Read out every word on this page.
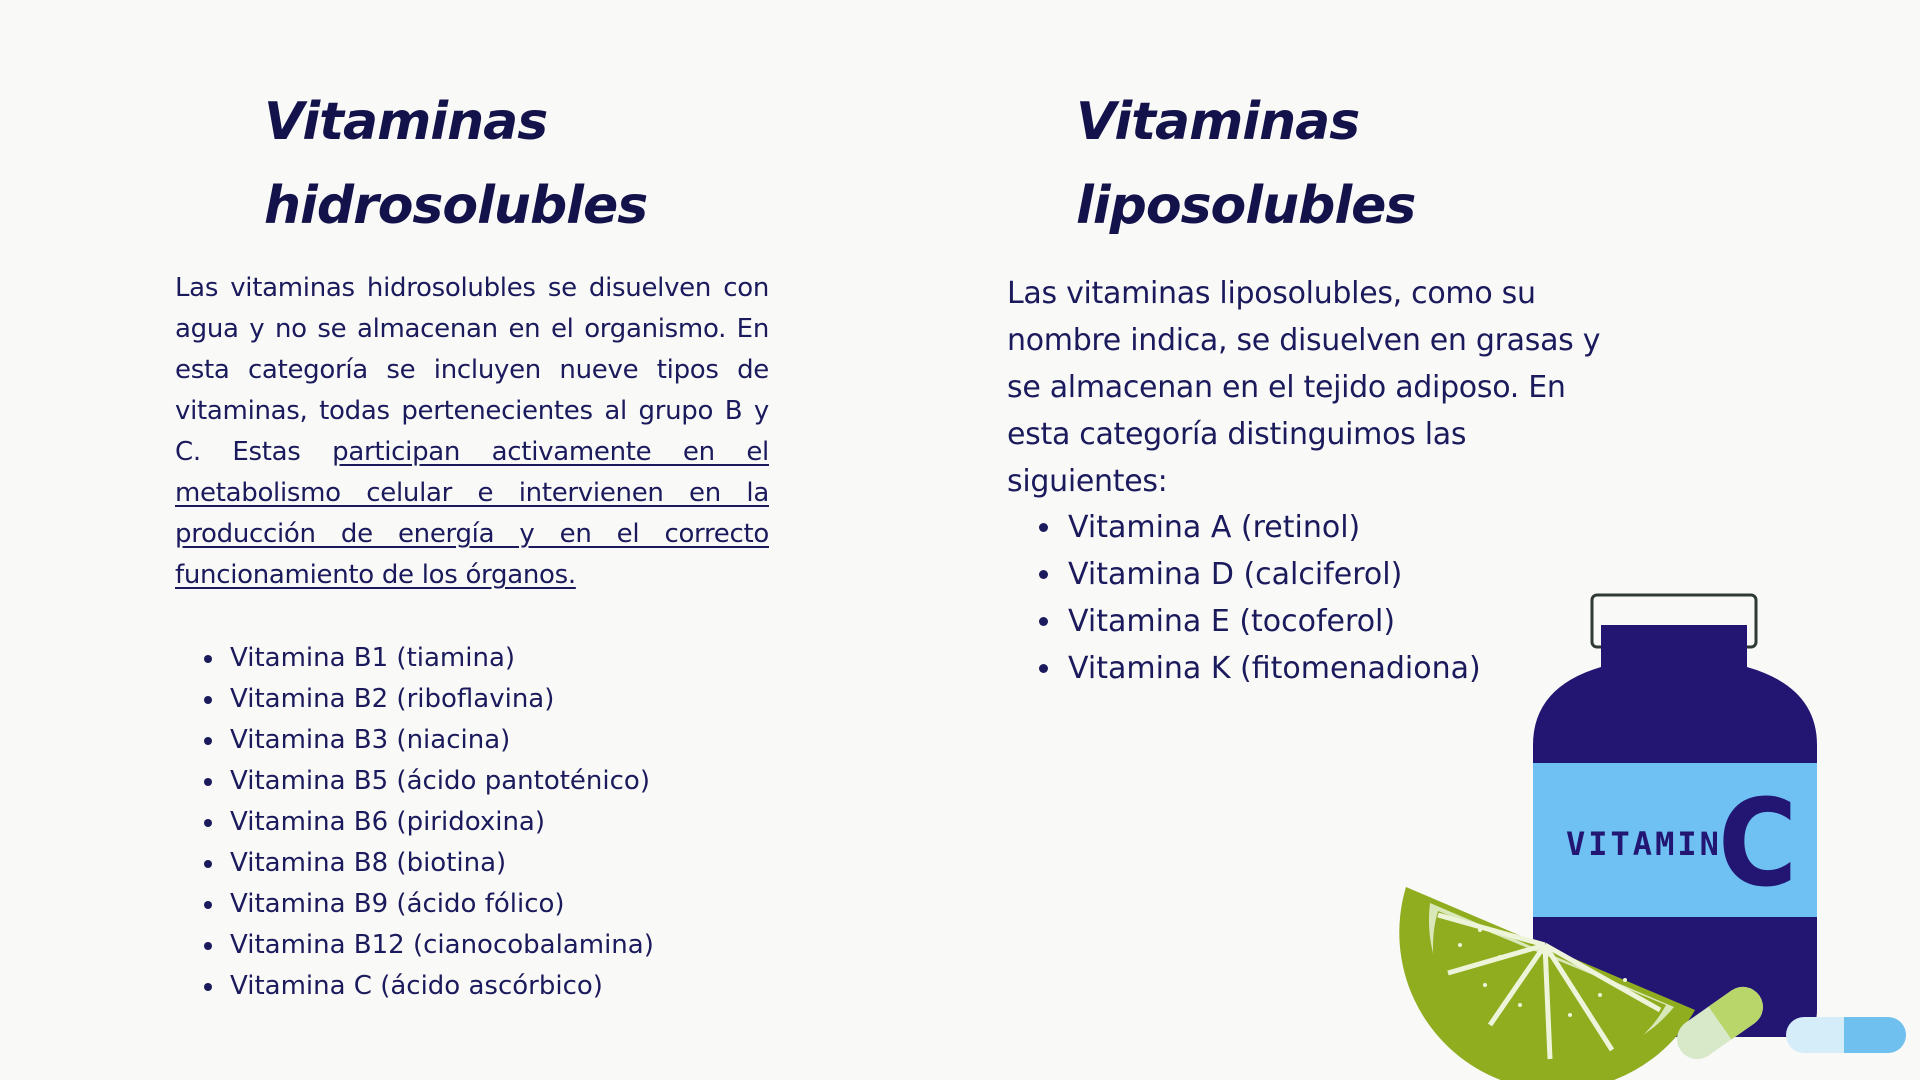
Vitaminas
hidrosolubles

Las vitaminas hidrosolubles se disuelven con agua y no se almacenan en el organismo. En esta categoría se incluyen nueve tipos de vitaminas, todas pertenecientes al grupo B y C. Estas participan activamente en el metabolismo celular e intervienen en la producción de energía y en el correcto funcionamiento de los órganos.

• Vitamina B1 (tiamina)
• Vitamina B2 (riboflavina)
• Vitamina B3 (niacina)
• Vitamina B5 (ácido pantoténico)
• Vitamina B6 (piridoxina)
• Vitamina B8 (biotina)
• Vitamina B9 (ácido fólico)
• Vitamina B12 (cianocobalamina)
• Vitamina C (ácido ascórbico)
Vitaminas
liposolubles

Las vitaminas liposolubles, como su nombre indica, se disuelven en grasas y se almacenan en el tejido adiposo. En esta categoría distinguimos las siguientes:

• Vitamina A (retinol)
• Vitamina D (calciferol)
• Vitamina E (tocoferol)
• Vitamina K (fitomenadiona)
VITAMIN
C
